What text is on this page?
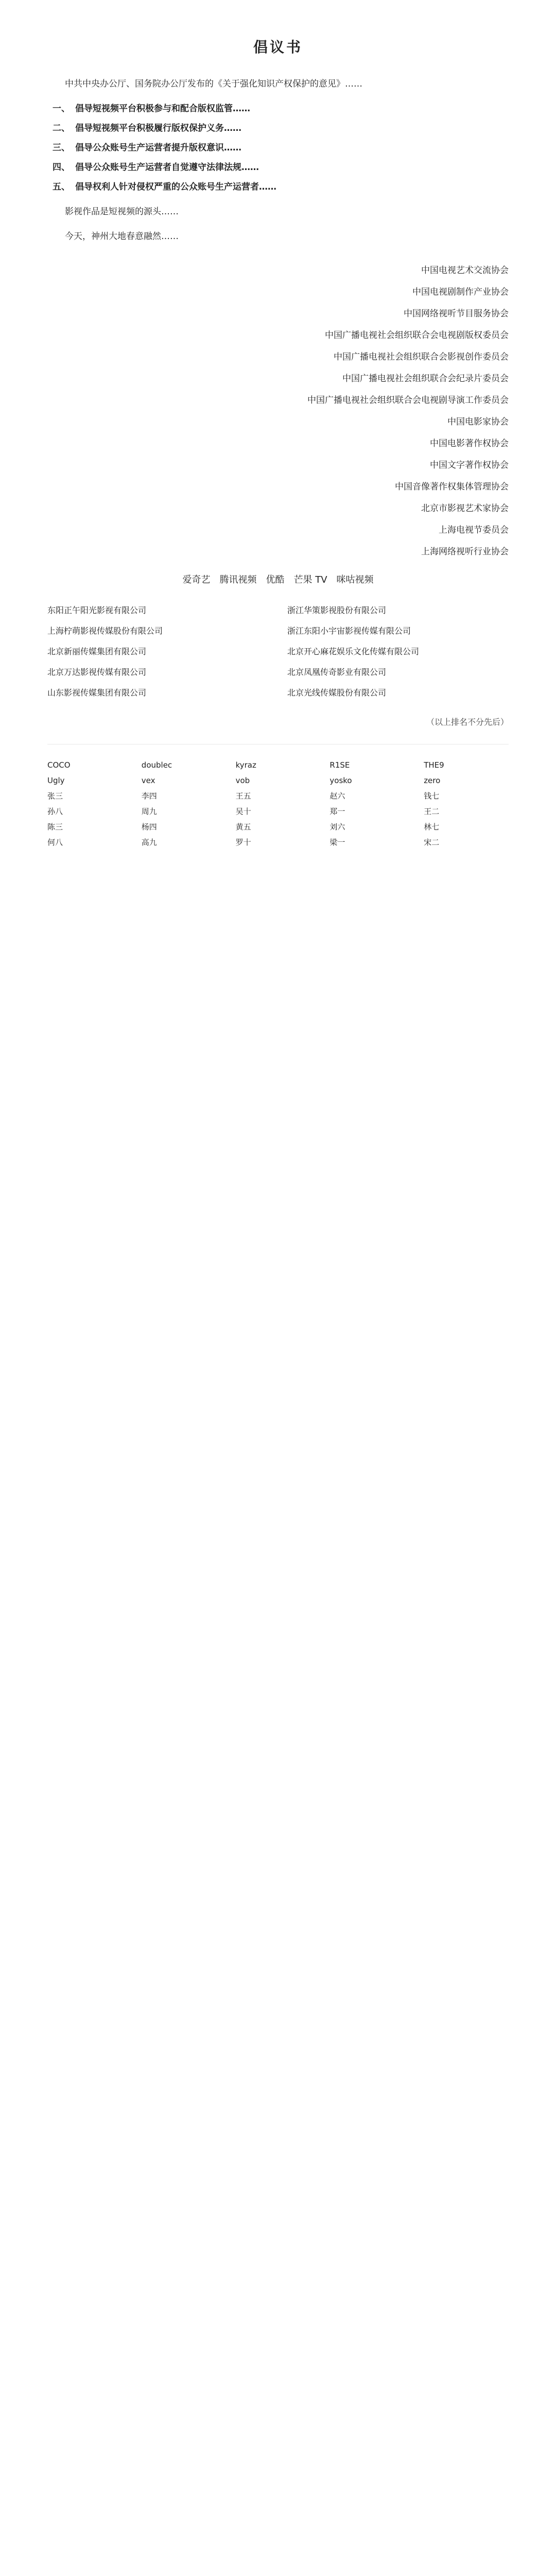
倡议书

中共中央办公厅、国务院办公厅发布的《关于强化知识产权保护的意见》……

一、 倡导短视频平台积极参与和配合版权监管……
二、 倡导短视频平台积极履行版权保护义务……
三、 倡导公众账号生产运营者提升版权意识……
四、 倡导公众账号生产运营者自觉遵守法律法规……
五、 倡导权利人针对侵权严重的公众账号生产运营者……

影视作品是短视频的源头……

今天，神州大地春意融然……

中国电视艺术交流协会
中国电视剧制作产业协会
中国网络视听节目服务协会
中国广播电视社会组织联合会电视剧版权委员会
中国广播电视社会组织联合会影视创作委员会
中国广播电视社会组织联合会纪录片委员会
中国广播电视社会组织联合会电视剧导演工作委员会
中国电影家协会
中国电影著作权协会
中国文字著作权协会
中国音像著作权集体管理协会
北京市影视艺术家协会
上海电视节委员会
上海网络视听行业协会
爱奇艺 腾讯视频 优酷 芒果 TV 咪咕视频
东阳正午阳光影视有限公司	浙江华策影视股份有限公司
上海柠萌影视传媒股份有限公司	浙江东阳小宇宙影视传媒有限公司
北京新丽传媒集团有限公司	北京开心麻花娱乐文化传媒有限公司
北京万达影视传媒有限公司	北京凤凰传奇影业有限公司
山东影视传媒集团有限公司	北京光线传媒股份有限公司
（以上排名不分先后）
COCO	doublec	kyraz	R1SE	THE9
Ugly	vex	vob	yosko	zero
张三	李四	王五	赵六	钱七
孙八	周九	吴十	郑一	王二
陈三	杨四	黄五	刘六	林七
何八	高九	罗十	梁一	宋二
